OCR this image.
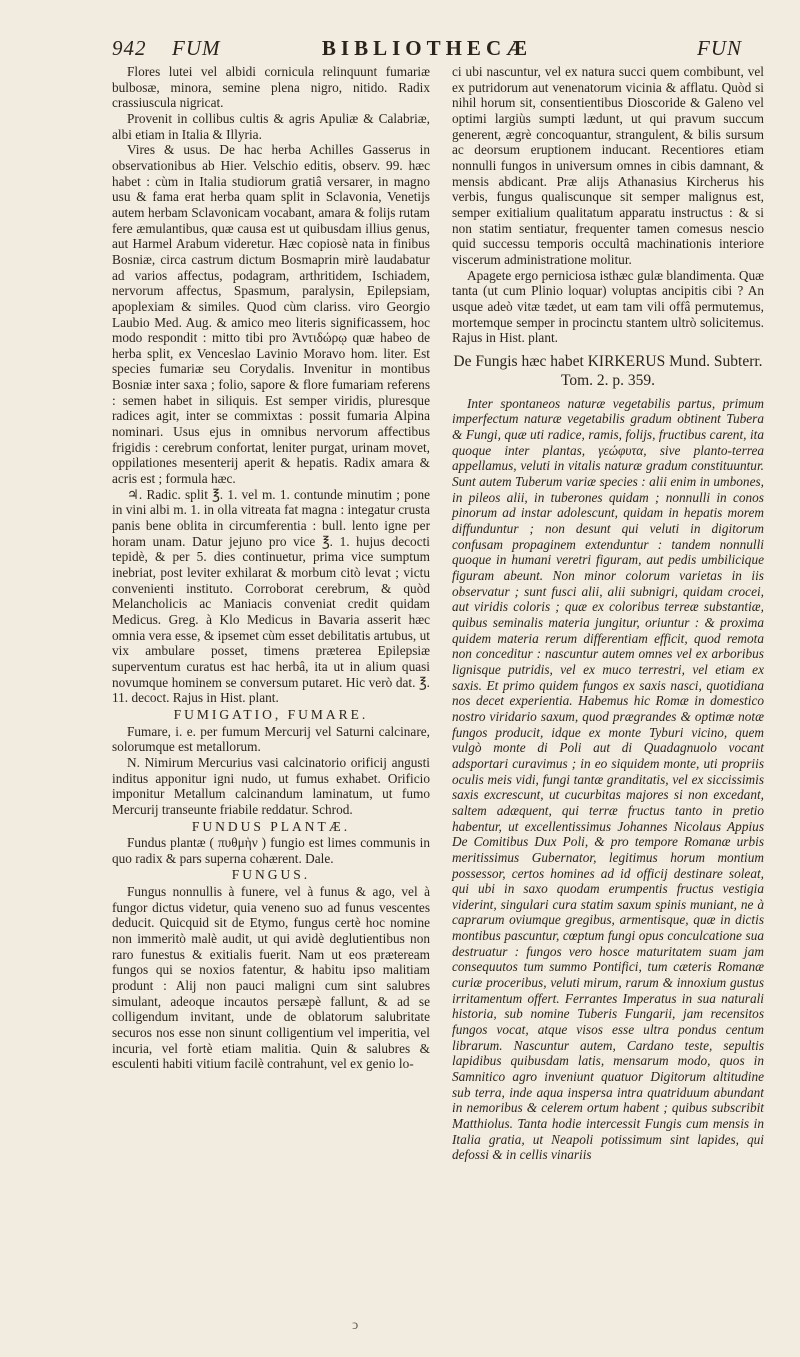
942 FUM	BIBLIOTHECÆ	FUN

Flores lutei vel albidi cornicula relinquunt fumariæ bulbosæ, minora, semine plena nigro, nitido. Radix crassiuscula nigricat.

Provenit in collibus cultis & agris Apuliæ & Calabriæ, albi etiam in Italia & Illyria.

Vires & usus. De hac herba Achilles Gasserus in observationibus ab Hier. Velschio editis, observ. 99. hæc habet : cùm in Italia studiorum gratiâ versarer, in magno usu & fama erat herba quam split in Sclavonia, Venetijs autem herbam Sclavonicam vocabant, amara & folijs rutam fere æmulantibus, quæ causa est ut quibusdam illius genus, aut Harmel Arabum videretur. Hæc copiosè nata in finibus Bosniæ, circa castrum dictum Bosmaprin mirè laudabatur ad varios affectus, podagram, arthritidem, Ischiadem, nervorum affectus, Spasmum, paralysin, Epilepsiam, apoplexiam & similes. Quod cùm clariss. viro Georgio Laubio Med. Aug. & amico meo literis significassem, hoc modo respondit : mitto tibi pro Ἀντιδώρῳ quæ habeo de herba split, ex Venceslao Lavinio Moravo hom. liter. Est species fumariæ seu Corydalis. Invenitur in montibus Bosniæ inter saxa ; folio, sapore & flore fumariam referens : semen habet in siliquis. Est semper viridis, pluresque radices agit, inter se commixtas : possit fumaria Alpina nominari. Usus ejus in omnibus nervorum affectibus frigidis : cerebrum confortat, leniter purgat, urinam movet, oppilationes mesenterij aperit & hepatis. Radix amara & acris est ; formula hæc.

♃. Radic. split ℥. 1. vel m. 1. contunde minutim ; pone in vini albi m. 1. in olla vitreata fat magna : integatur crusta panis bene oblita in circumferentia : bull. lento igne per horam unam. Datur jejuno pro vice ℥. 1. hujus decocti tepidè, & per 5. dies continuetur, prima vice sumptum inebriat, post leviter exhilarat & morbum citò levat ; victu convenienti instituto. Corroborat cerebrum, & quòd Melancholicis ac Maniacis conveniat credit quidam Medicus. Greg. à Klo Medicus in Bavaria asserit hæc omnia vera esse, & ipsemet cùm esset debilitatis artubus, ut vix ambulare posset, timens præterea Epilepsiæ superventum curatus est hac herbâ, ita ut in alium quasi novumque hominem se conversum putaret. Hic verò dat. ℥. 11. decoct. Rajus in Hist. plant.

FUMIGATIO, FUMARE.

Fumare, i. e. per fumum Mercurij vel Saturni calcinare, solorumque est metallorum.

N. Nimirum Mercurius vasi calcinatorio orificij angusti inditus apponitur igni nudo, ut fumus exhabet. Orificio imponitur Metallum calcinandum laminatum, ut fumo Mercurij transeunte friabile reddatur. Schrod.

FUNDUS PLANTÆ.

Fundus plantæ ( πυθμὴν ) fungio est limes communis in quo radix & pars superna cohærent. Dale.

FUNGUS.

Fungus nonnullis à funere, vel à funus & ago, vel à fungor dictus videtur, quia veneno suo ad funus vescentes deducit. Quicquid sit de Etymo, fungus certè hoc nomine non immeritò malè audit, ut qui avidè deglutientibus non raro funestus & exitialis fuerit. Nam ut eos præteream fungos qui se noxios fatentur, & habitu ipso malitiam produnt : Alij non pauci maligni cum sint salubres simulant, adeoque incautos persæpè fallunt, & ad se colligendum invitant, unde de oblatorum salubritate securos nos esse non sinunt colligentium vel imperitia, vel incuria, vel fortè etiam malitia. Quin & salubres & esculenti habiti vitium facilè contrahunt, vel ex genio lo-

ci ubi nascuntur, vel ex natura succi quem combibunt, vel ex putridorum aut venenatorum vicinia & afflatu. Quòd si nihil horum sit, consentientibus Dioscoride & Galeno vel optimi largiùs sumpti lædunt, ut qui pravum succum generent, ægrè concoquantur, strangulent, & bilis sursum ac deorsum eruptionem inducant. Recentiores etiam nonnulli fungos in universum omnes in cibis damnant, & mensis abdicant. Præ alijs Athanasius Kircherus his verbis, fungus qualiscunque sit semper malignus est, semper exitialium qualitatum apparatu instructus : & si non statim sentiatur, frequenter tamen comesus nescio quid successu temporis occultâ machinationis interiore viscerum administratione molitur.

Apagete ergo perniciosa isthæc gulæ blandimenta. Quæ tanta (ut cum Plinio loquar) voluptas ancipitis cibi ? An usque adeò vitæ tædet, ut eam tam vili offâ permutemus, mortemque semper in procinctu stantem ultrò solicitemus. Rajus in Hist. plant.

De Fungis hæc habet KIRKERUS Mund. Subterr. Tom. 2. p. 359.

Inter spontaneos naturæ vegetabilis partus, primum imperfectum naturæ vegetabilis gradum obtinent Tubera & Fungi, quæ uti radice, ramis, folijs, fructibus carent, ita quoque inter plantas, γεώφυτα, sive planto-terrea appellamus, veluti in vitalis naturæ gradum constituuntur. Sunt autem Tuberum variæ species : alii enim in umbones, in pileos alii, in tuberones quidam ; nonnulli in conos pinorum ad instar adolescunt, quidam in hepatis morem diffunduntur ; non desunt qui veluti in digitorum confusam propaginem extenduntur : tandem nonnulli quoque in humani veretri figuram, aut pedis umbilicique figuram abeunt. Non minor colorum varietas in iis observatur ; sunt fusci alii, alii subnigri, quidam crocei, aut viridis coloris ; quæ ex coloribus terreæ substantiæ, quibus seminalis materia jungitur, oriuntur : & proxima quidem materia rerum differentiam efficit, quod remota non conceditur : nascuntur autem omnes vel ex arboribus lignisque putridis, vel ex muco terrestri, vel etiam ex saxis. Et primo quidem fungos ex saxis nasci, quotidiana nos decet experientia. Habemus hic Romæ in domestico nostro viridario saxum, quod prægrandes & optimæ notæ fungos producit, idque ex monte Tyburi vicino, quem vulgò monte di Poli aut di Quadagnuolo vocant adsportari curavimus ; in eo siquidem monte, uti propriis oculis meis vidi, fungi tantæ granditatis, vel ex siccissimis saxis excrescunt, ut cucurbitas majores si non excedant, saltem adæquent, qui terræ fructus tanto in pretio habentur, ut excellentissimus Johannes Nicolaus Appius De Comitibus Dux Poli, & pro tempore Romanæ urbis meritissimus Gubernator, legitimus horum montium possessor, certos homines ad id officij destinare soleat, qui ubi in saxo quodam erumpentis fructus vestigia viderint, singulari cura statim saxum spinis muniant, ne à caprarum oviumque gregibus, armentisque, quæ in dictis montibus pascuntur, cœptum fungi opus conculcatione sua destruatur : fungos vero hosce maturitatem suam jam consequutos tum summo Pontifici, tum cæteris Romanæ curiæ proceribus, veluti mirum, rarum & innoxium gustus irritamentum offert. Ferrantes Imperatus in sua naturali historia, sub nomine Tuberis Fungarii, jam recensitos fungos vocat, atque visos esse ultra pondus centum librarum. Nascuntur autem, Cardano teste, sepultis lapidibus quibusdam latis, mensarum modo, quos in Samnitico agro inveniunt quatuor Digitorum altitudine sub terra, inde aqua inspersa intra quatriduum abundant in nemoribus & celerem ortum habent ; quibus subscribit Matthiolus. Tanta hodie intercessit Fungis cum mensis in Italia gratia, ut Neapoli potissimum sint lapides, qui defossi & in cellis vinariis

ͻ
